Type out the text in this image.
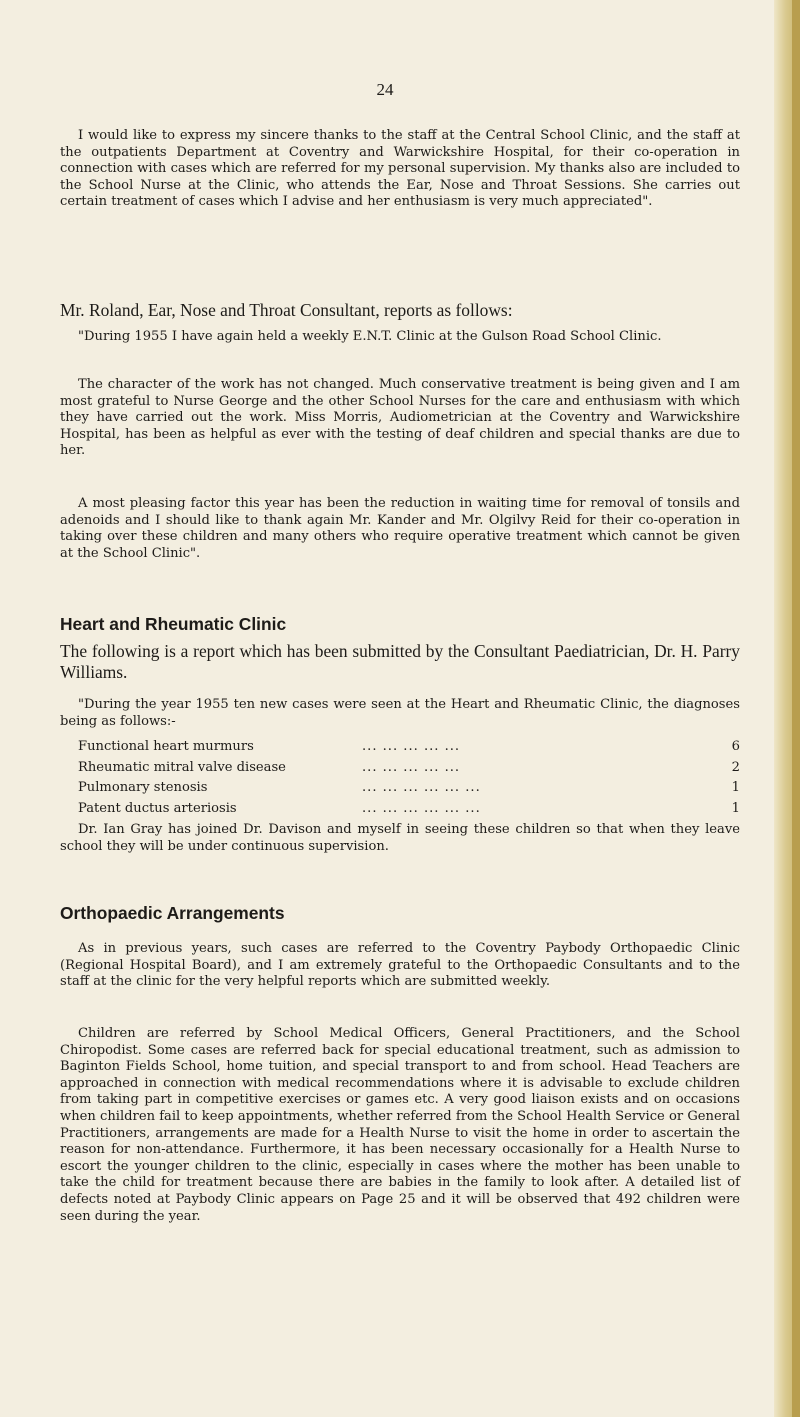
24

I would like to express my sincere thanks to the staff at the Central School Clinic, and the staff at the outpatients Department at Coventry and Warwickshire Hospital, for their co-operation in connection with cases which are referred for my personal supervision. My thanks also are included to the School Nurse at the Clinic, who attends the Ear, Nose and Throat Sessions. She carries out certain treatment of cases which I advise and her enthusiasm is very much appreciated".

Mr. Roland, Ear, Nose and Throat Consultant, reports as follows:

"During 1955 I have again held a weekly E.N.T. Clinic at the Gulson Road School Clinic.

The character of the work has not changed. Much conservative treatment is being given and I am most grateful to Nurse George and the other School Nurses for the care and enthusiasm with which they have carried out the work. Miss Morris, Audiometrician at the Coventry and Warwickshire Hospital, has been as helpful as ever with the testing of deaf children and special thanks are due to her.

A most pleasing factor this year has been the reduction in waiting time for removal of tonsils and adenoids and I should like to thank again Mr. Kander and Mr. Olgilvy Reid for their co-operation in taking over these children and many others who require operative treatment which cannot be given at the School Clinic".

Heart and Rheumatic Clinic

The following is a report which has been submitted by the Consultant Paediatrician, Dr. H. Parry Williams.

"During the year 1955 ten new cases were seen at the Heart and Rheumatic Clinic, the diagnoses being as follows:-

Functional heart murmurs	... ... ... ... ...	6
Rheumatic mitral valve disease	... ... ... ... ...	2
Pulmonary stenosis	... ... ... ... ... ...	1
Patent ductus arteriosis	... ... ... ... ... ...	1

Dr. Ian Gray has joined Dr. Davison and myself in seeing these children so that when they leave school they will be under continuous supervision.

Orthopaedic Arrangements

As in previous years, such cases are referred to the Coventry Paybody Orthopaedic Clinic (Regional Hospital Board), and I am extremely grateful to the Orthopaedic Consultants and to the staff at the clinic for the very helpful reports which are submitted weekly.

Children are referred by School Medical Officers, General Practitioners, and the School Chiropodist. Some cases are referred back for special educational treatment, such as admission to Baginton Fields School, home tuition, and special transport to and from school. Head Teachers are approached in connection with medical recommendations where it is advisable to exclude children from taking part in competitive exercises or games etc. A very good liaison exists and on occasions when children fail to keep appointments, whether referred from the School Health Service or General Practitioners, arrangements are made for a Health Nurse to visit the home in order to ascertain the reason for non-attendance. Furthermore, it has been necessary occasionally for a Health Nurse to escort the younger children to the clinic, especially in cases where the mother has been unable to take the child for treatment because there are babies in the family to look after. A detailed list of defects noted at Paybody Clinic appears on Page 25 and it will be observed that 492 children were seen during the year.
